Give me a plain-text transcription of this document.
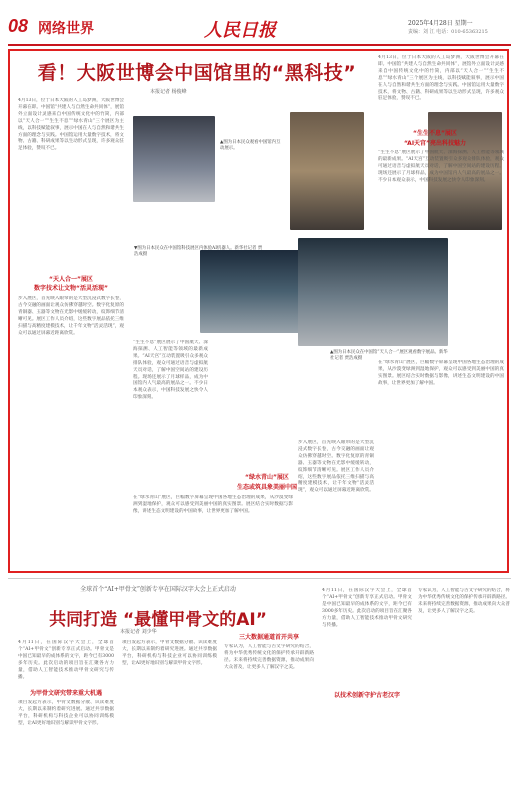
08 网络世界	人民日报	2025年4月28日 星期一
责编：刘 江 电话：010-65363215
看！大阪世博会中国馆里的“黑科技”
本报记者 杨俊峰
▲图为日本民众观看中国馆内互动展示。
▼图为日本民众在中国馆科技展区内体验AI机器人。新华社记者 贾浩成摄
▲图为日本民众在中国馆“天人合一”展区观看数字展品。新华社记者 贾浩成摄
4月13日，位于日本大阪的人工岛梦洲，大阪世博会开幕在即。中国馆“共建人与自然生命共同体”，展馆外立面设计灵感来自中国传统文化中的竹简，内部以“天人合一”“生生不息”“绿水青山”三个展区为主线，以科技赋能叙事，展示中国在人与自然和谐共生方面的理念与实践。中国馆运用大量数字技术，将文物、古籍、科研成果等以生动形式呈现，许多观众驻足体验，赞叹不已。
“天人合一”展区
数字技术让文物“活灵活现”
步入展区，首先映入眼帘的是大型沉浸式数字长卷，古今交融的画面让观众仿佛穿越时空。数字化复原的青铜器、玉器等文物在光影中缓缓转动，纹饰细节清晰可见。展区工作人员介绍，这些数字展品依托三维扫描与高精度建模技术，让千年文物“活灵活现”，观众可以通过屏幕近距离欣赏。
“生生不息”展区展示了中国航天、深海探测、人工智能等领域的最新成果。“AI天宫”互动装置吸引众多观众排队体验，观众可通过语音与虚拟航天员对话，了解中国空间站的建设历程。现场还展示了月球样品，成为中国馆内人气最高的展品之一。不少日本观众表示，中国科技发展之快令人印象深刻。
“绿水青山”展区
生态或筑具象美丽中国
在“绿水青山”展区，巨幅数字屏幕呈现中国各地生态治理的成果，从沙漠变绿洲到湿地保护，观众可以感受到美丽中国的真实图景。展区结合实时数据与影像，讲述生态文明建设的中国故事，让世界更加了解中国。
“生生不息”展区
“AI天宫”亮出科技魅力
4月13日，位于日本大阪的人工岛梦洲，大阪世博会开幕在即。中国馆“共建人与自然生命共同体”，展馆外立面设计灵感来自中国传统文化中的竹简，内部以“天人合一”“生生不息”“绿水青山”三个展区为主线，以科技赋能叙事，展示中国在人与自然和谐共生方面的理念与实践。中国馆运用大量数字技术，将文物、古籍、科研成果等以生动形式呈现，许多观众驻足体验，赞叹不已。
“生生不息”展区展示了中国航天、深海探测、人工智能等领域的最新成果。“AI天宫”互动装置吸引众多观众排队体验，观众可通过语音与虚拟航天员对话，了解中国空间站的建设历程。现场还展示了月球样品，成为中国馆内人气最高的展品之一。不少日本观众表示，中国科技发展之快令人印象深刻。
在“绿水青山”展区，巨幅数字屏幕呈现中国各地生态治理的成果，从沙漠变绿洲到湿地保护，观众可以感受到美丽中国的真实图景。展区结合实时数据与影像，讲述生态文明建设的中国故事，让世界更加了解中国。
步入展区，首先映入眼帘的是大型沉浸式数字长卷，古今交融的画面让观众仿佛穿越时空。数字化复原的青铜器、玉器等文物在光影中缓缓转动，纹饰细节清晰可见。展区工作人员介绍，这些数字展品依托三维扫描与高精度建模技术，让千年文物“活灵活现”，观众可以通过屏幕近距离欣赏。
全球首个“AI+甲骨文”创新专享在国际汉字大会上正式启动
共同打造 “最懂甲骨文的AI”
本报记者 刘少华
4月11日，在国际汉字大会上，全球首个“AI+甲骨文”创新专享正式启动。甲骨文是中国已知最早的成体系的文字，距今已有3000多年历史。此次启动的项目旨在汇聚各方力量，借助人工智能技术推动甲骨文研究与传播。
为甲骨文研究带来重大机遇
项目发起方表示，甲骨文数据分散、识读难度大，长期以来制约着研究进展。通过共享数据平台，科研机构与科技企业可以协同训练模型，让AI更好地识别与解读甲骨文字形。
项目发起方表示，甲骨文数据分散、识读难度大，长期以来制约着研究进展。通过共享数据平台，科研机构与科技企业可以协同训练模型，让AI更好地识别与解读甲骨文字形。
三大数据通道首开共享
专家认为，人工智能与古文字研究的结合，将为中华优秀传统文化的保护传承开辟新路径。未来将持续完善数据资源，推动成果向大众普及，让更多人了解汉字之美。
4月11日，在国际汉字大会上，全球首个“AI+甲骨文”创新专享正式启动。甲骨文是中国已知最早的成体系的文字，距今已有3000多年历史。此次启动的项目旨在汇聚各方力量，借助人工智能技术推动甲骨文研究与传播。
以技术创新守护古老汉字
专家认为，人工智能与古文字研究的结合，将为中华优秀传统文化的保护传承开辟新路径。未来将持续完善数据资源，推动成果向大众普及，让更多人了解汉字之美。
